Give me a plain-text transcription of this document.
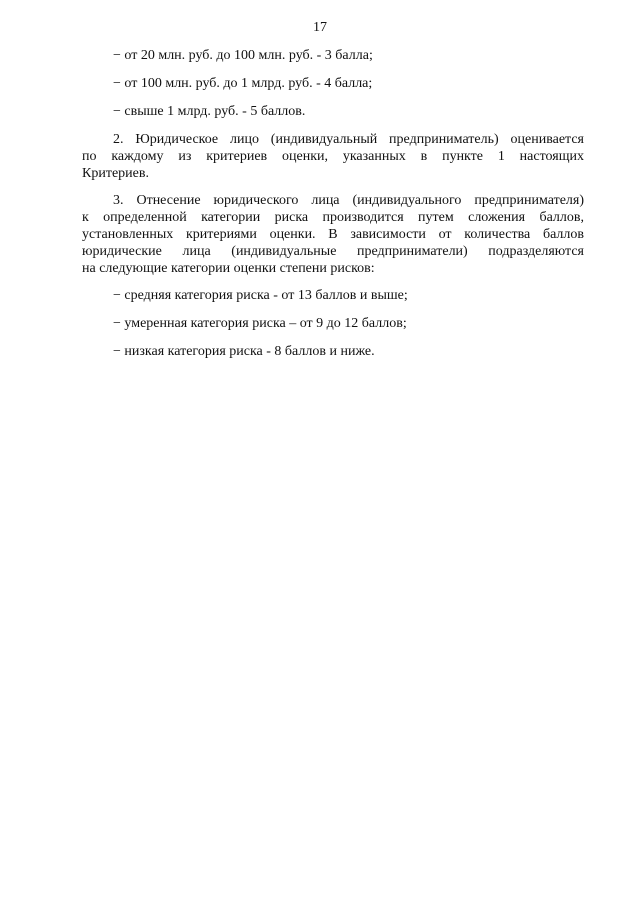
17
− от 20 млн. руб. до 100 млн. руб. - 3 балла;
− от 100 млн. руб. до 1 млрд. руб. - 4 балла;
− свыше 1 млрд. руб. - 5 баллов.
2. Юридическое лицо (индивидуальный предприниматель) оценивается
по каждому из критериев оценки, указанных в пункте 1 настоящих
Критериев.
3. Отнесение юридического лица (индивидуального предпринимателя)
к определенной категории риска производится путем сложения баллов,
установленных критериями оценки. В зависимости от количества баллов
юридические лица (индивидуальные предприниматели) подразделяются
на следующие категории оценки степени рисков:
− средняя категория риска - от 13 баллов и выше;
− умеренная категория риска – от 9 до 12 баллов;
− низкая категория риска - 8 баллов и ниже.
